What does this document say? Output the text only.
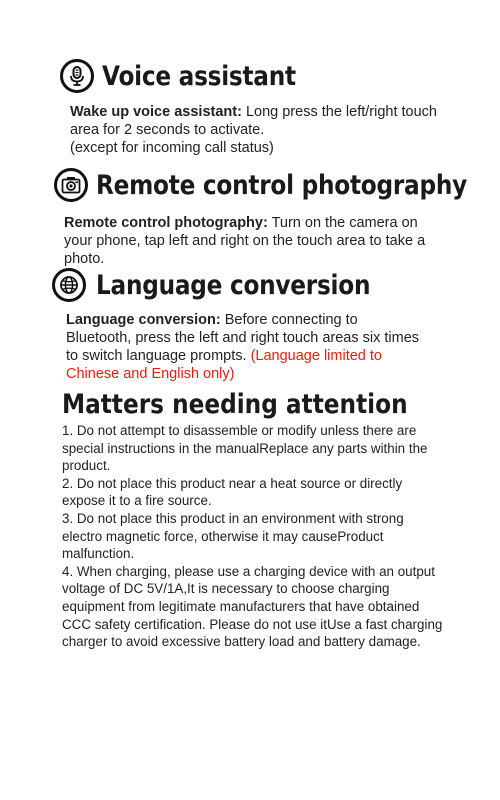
Voice assistant
Wake up voice assistant: Long press the left/right touch area for 2 seconds to activate.
(except for incoming call status)
Remote control photography
Remote control photography: Turn on the camera on your phone, tap left and right on the touch area to take a photo.
Language conversion
Language conversion: Before connecting to Bluetooth, press the left and right touch areas six times to switch language prompts. (Language limited to Chinese and English only)
Matters needing attention

1. Do not attempt to disassemble or modify unless there are special instructions in the manualReplace any parts within the product.

2. Do not place this product near a heat source or directly expose it to a fire source.

3. Do not place this product in an environment with strong electro magnetic force, otherwise it may causeProduct malfunction.

4. When charging, please use a charging device with an output voltage of DC 5V/1A,It is necessary to choose charging equipment from legitimate manufacturers that have obtained CCC safety certification. Please do not use itUse a fast charging charger to avoid excessive battery load and battery damage.
